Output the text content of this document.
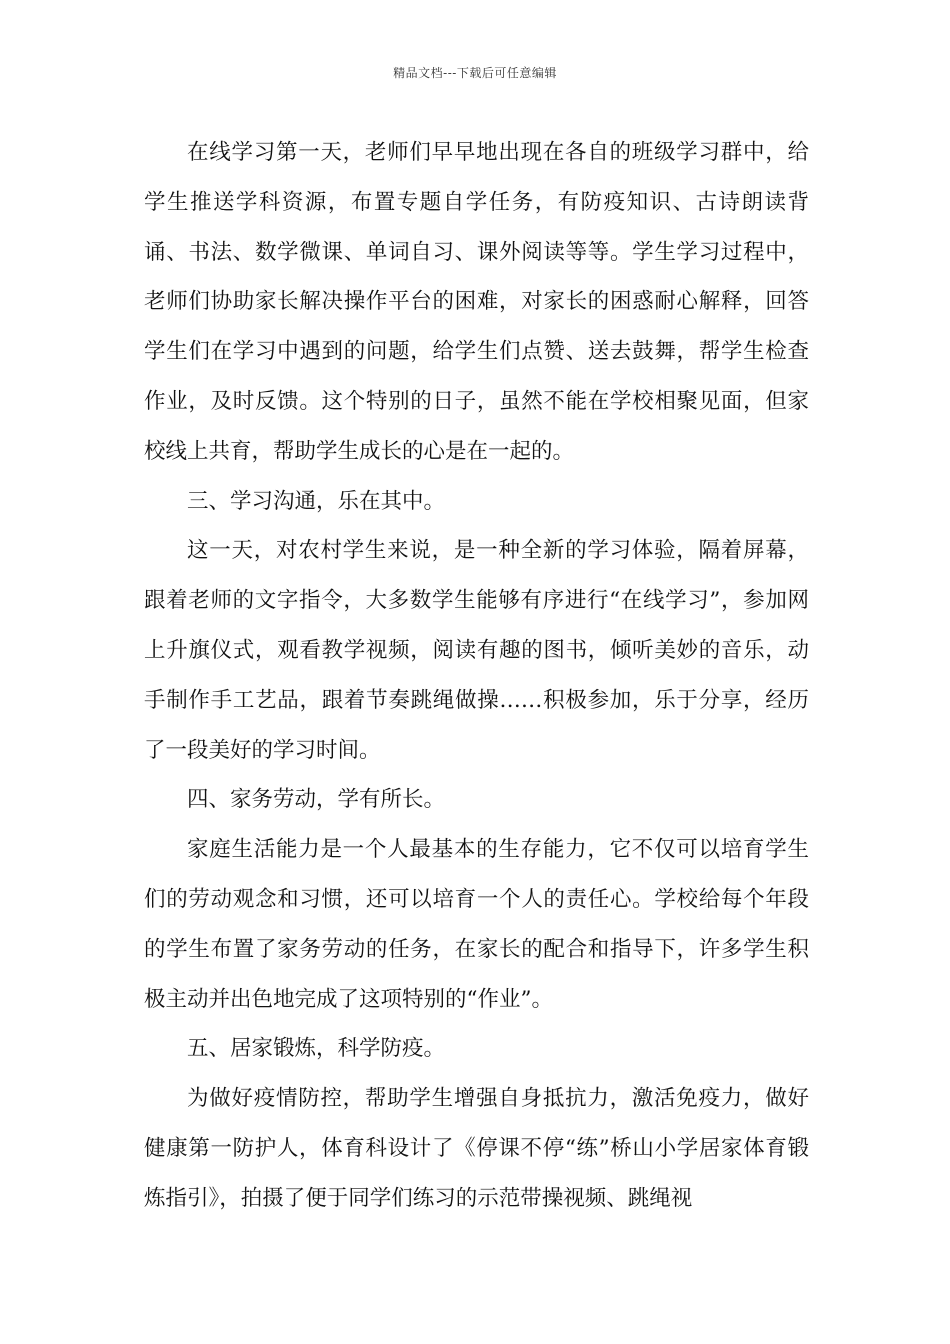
精品文档---下载后可任意编辑

在线学习第一天，老师们早早地出现在各自的班级学习群中，给学生推送学科资源，布置专题自学任务，有防疫知识、古诗朗读背诵、书法、数学微课、单词自习、课外阅读等等。学生学习过程中，老师们协助家长解决操作平台的困难，对家长的困惑耐心解释，回答学生们在学习中遇到的问题，给学生们点赞、送去鼓舞，帮学生检查作业，及时反馈。这个特别的日子，虽然不能在学校相聚见面，但家校线上共育，帮助学生成长的心是在一起的。

三、学习沟通，乐在其中。

这一天，对农村学生来说，是一种全新的学习体验，隔着屏幕，跟着老师的文字指令，大多数学生能够有序进行“在线学习”，参加网上升旗仪式，观看教学视频，阅读有趣的图书，倾听美妙的音乐，动手制作手工艺品，跟着节奏跳绳做操……积极参加，乐于分享，经历了一段美好的学习时间。

四、家务劳动，学有所长。

家庭生活能力是一个人最基本的生存能力，它不仅可以培育学生们的劳动观念和习惯，还可以培育一个人的责任心。学校给每个年段的学生布置了家务劳动的任务，在家长的配合和指导下，许多学生积极主动并出色地完成了这项特别的“作业”。

五、居家锻炼，科学防疫。

为做好疫情防控，帮助学生增强自身抵抗力，激活免疫力，做好健康第一防护人，体育科设计了《停课不停“练”桥山小学居家体育锻炼指引》，拍摄了便于同学们练习的示范带操视频、跳绳视
